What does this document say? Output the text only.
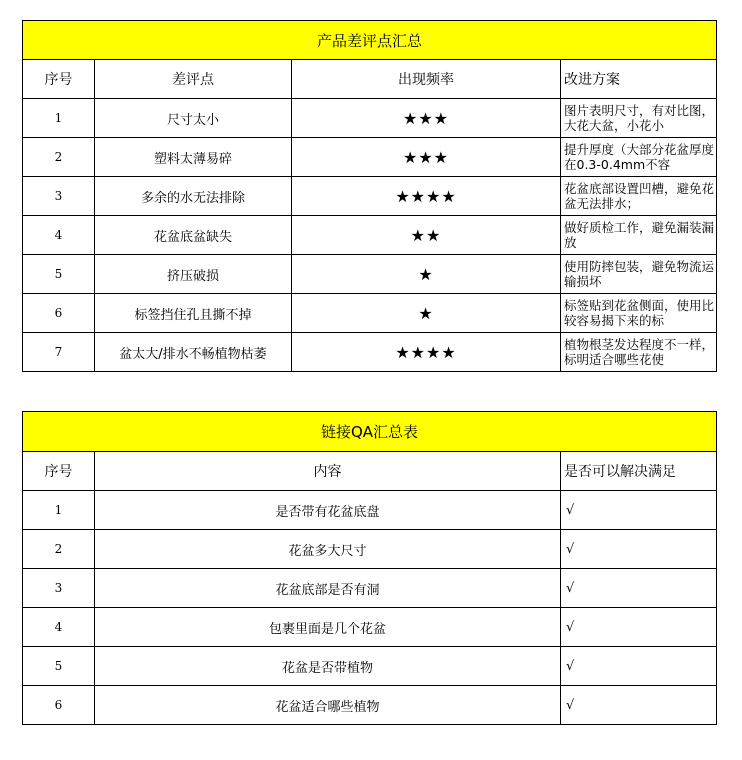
产品差评点汇总			
序号	差评点	出现频率	改进方案
1	尺寸太小	★★★	图片表明尺寸，有对比图，大花大盆，小花小

2	塑料太薄易碎	★★★	提升厚度（大部分花盆厚度在0.3-0.4mm不容

3	多余的水无法排除	★★★★	花盆底部设置凹槽，避免花盆无法排水；

4	花盆底盆缺失	★★	做好质检工作，避免漏装漏放

5	挤压破损	★	使用防摔包装，避免物流运输损坏

6	标签挡住孔且撕不掉	★	标签贴到花盆侧面，使用比较容易揭下来的标

7	盆太大/排水不畅植物枯萎	★★★★	植物根茎发达程度不一样，标明适合哪些花使
链接QA汇总表		
序号	内容	是否可以解决满足
1	是否带有花盆底盘	√
2	花盆多大尺寸	√
3	花盆底部是否有洞	√
4	包裹里面是几个花盆	√
5	花盆是否带植物	√
6	花盆适合哪些植物	√
